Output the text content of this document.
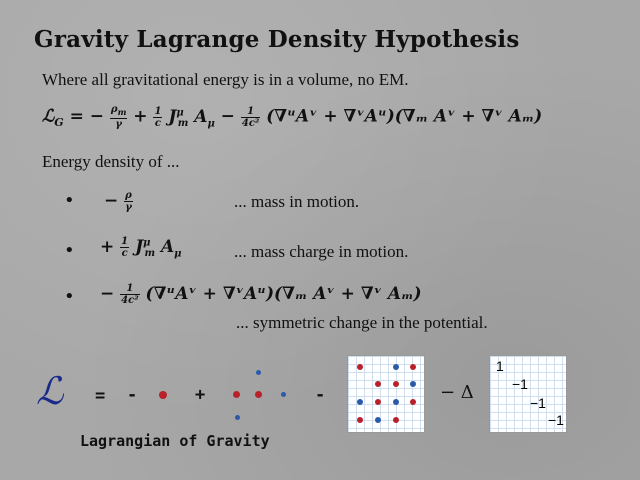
Gravity Lagrange Density Hypothesis
Where all gravitational energy is in a volume, no EM.
ℒ$_G$ = − $\frac{\rho_m}{\gamma} + \frac{1}{c} J^\mu_m$ $A_\mu - \frac{1}{\text{4c²}}$ (∇ᵘAᵛ + ∇ᵛAᵘ)(∇ₘ Aᵛ + ∇ᵛ Aₘ)
Energy density of ...
• − $\frac{\rho}{\gamma}$	... mass in motion.
• + $\frac{1}{c} J^\mu_m$ $A_\mu$	... mass charge in motion.
• − $\frac{1}{\text{4c²}}$ (∇ᵘAᵛ + ∇ᵛAᵘ)(∇ₘ Aᵛ + ∇ᵛ Aₘ)
... symmetric change in the potential.
ℒ = -	+	-	− Δ
1
−1
−1
−1
Lagrangian of Gravity
